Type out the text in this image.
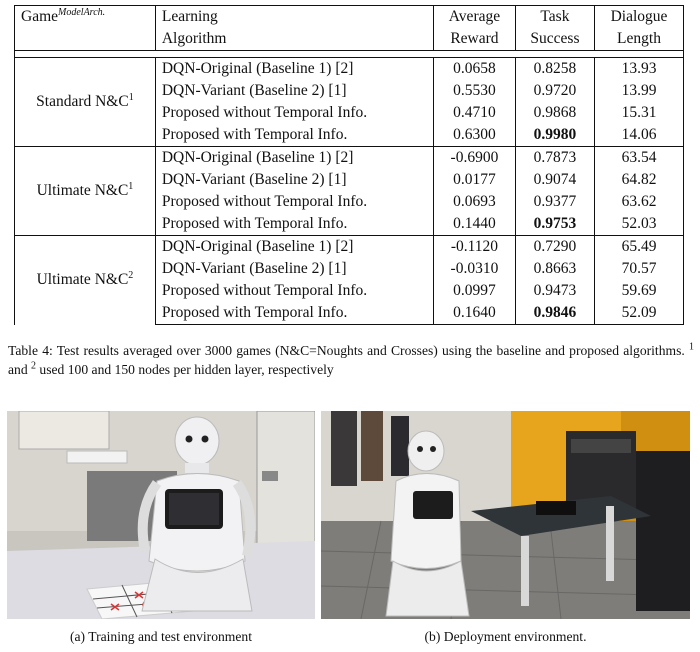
Game$^{ModelArch.}$	Learning	Average	Task	Dialogue
	Algorithm	Reward	Success	Length

Standard $N\&C^1$	DQN-Original (Baseline 1) [2]	0.0658	0.8258	13.93
	DQN-Variant (Baseline 2) [1]	0.5530	0.9720	13.99
	Proposed without Temporal Info.	0.4710	0.9868	15.31
	Proposed with Temporal Info.	0.6300	0.9980	14.06
Ultimate $N\&C^1$	DQN-Original (Baseline 1) [2]	-0.6900	0.7873	63.54
	DQN-Variant (Baseline 2) [1]	0.0177	0.9074	64.82
	Proposed without Temporal Info.	0.0693	0.9377	63.62
	Proposed with Temporal Info.	0.1440	0.9753	52.03
Ultimate $N\&C^2$	DQN-Original (Baseline 1) [2]	-0.1120	0.7290	65.49
	DQN-Variant (Baseline 2) [1]	-0.0310	0.8663	70.57
	Proposed without Temporal Info.	0.0997	0.9473	59.69
	Proposed with Temporal Info.	0.1640	0.9846	52.09
Table 4: Test results averaged over 3000 games (N&C=Noughts and Crosses) using the baseline and proposed algorithms. $^1$ and $^2$ used 100 and 150 nodes per hidden layer, respectively
(a) Training and test environment	(b) Deployment environment.
